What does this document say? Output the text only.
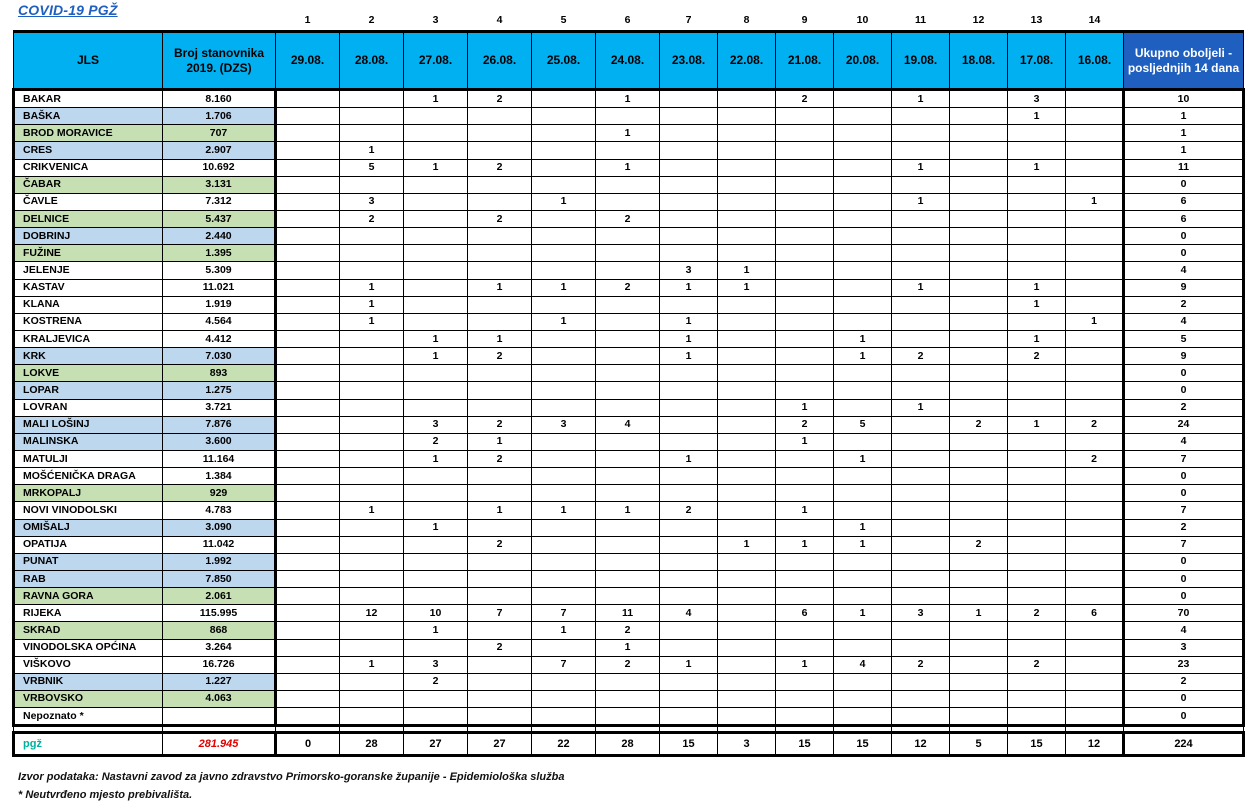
COVID-19 PGŽ
		1	2	3	4	5	6	7	8	9	10	11	12	13	14	
JLS	Broj stanovnika 2019. (DZS)	29.08.	28.08.	27.08.	26.08.	25.08.	24.08.	23.08.	22.08.	21.08.	20.08.	19.08.	18.08.	17.08.	16.08.	Ukupno oboljeli - posljednjih 14 dana
BAKAR	8.160			1	2		1			2		1		3		10
BAŠKA	1.706													1		1
BROD MORAVICE	707						1									1
CRES	2.907		1													1
CRIKVENICA	10.692		5	1	2		1					1		1		11
ČABAR	3.131															0
ČAVLE	7.312		3			1						1			1	6
DELNICE	5.437		2		2		2									6
DOBRINJ	2.440															0
FUŽINE	1.395															0
JELENJE	5.309							3	1							4
KASTAV	11.021		1		1	1	2	1	1			1		1		9
KLANA	1.919		1											1		2
KOSTRENA	4.564		1			1		1							1	4
KRALJEVICA	4.412			1	1			1			1			1		5
KRK	7.030			1	2			1			1	2		2		9
LOKVE	893															0
LOPAR	1.275															0
LOVRAN	3.721									1		1				2
MALI LOŠINJ	7.876			3	2	3	4			2	5		2	1	2	24
MALINSKA	3.600			2	1					1						4
MATULJI	11.164			1	2			1			1				2	7
MOŠĆENIČKA DRAGA	1.384															0
MRKOPALJ	929															0
NOVI VINODOLSKI	4.783		1		1	1	1	2		1						7
OMIŠALJ	3.090			1							1					2
OPATIJA	11.042				2				1	1	1		2			7
PUNAT	1.992															0
RAB	7.850															0
RAVNA GORA	2.061															0
RIJEKA	115.995		12	10	7	7	11	4		6	1	3	1	2	6	70
SKRAD	868			1		1	2									4
VINODOLSKA OPĆINA	3.264				2		1									3
VIŠKOVO	16.726		1	3		7	2	1		1	4	2		2		23
VRBNIK	1.227			2												2
VRBOVSKO	4.063															0
Nepoznato *																0

pgž	281.945	0	28	27	27	22	28	15	3	15	15	12	5	15	12	224
Izvor podataka: Nastavni zavod za javno zdravstvo Primorsko-goranske županije - Epidemiološka služba
* Neutvrđeno mjesto prebivališta.
